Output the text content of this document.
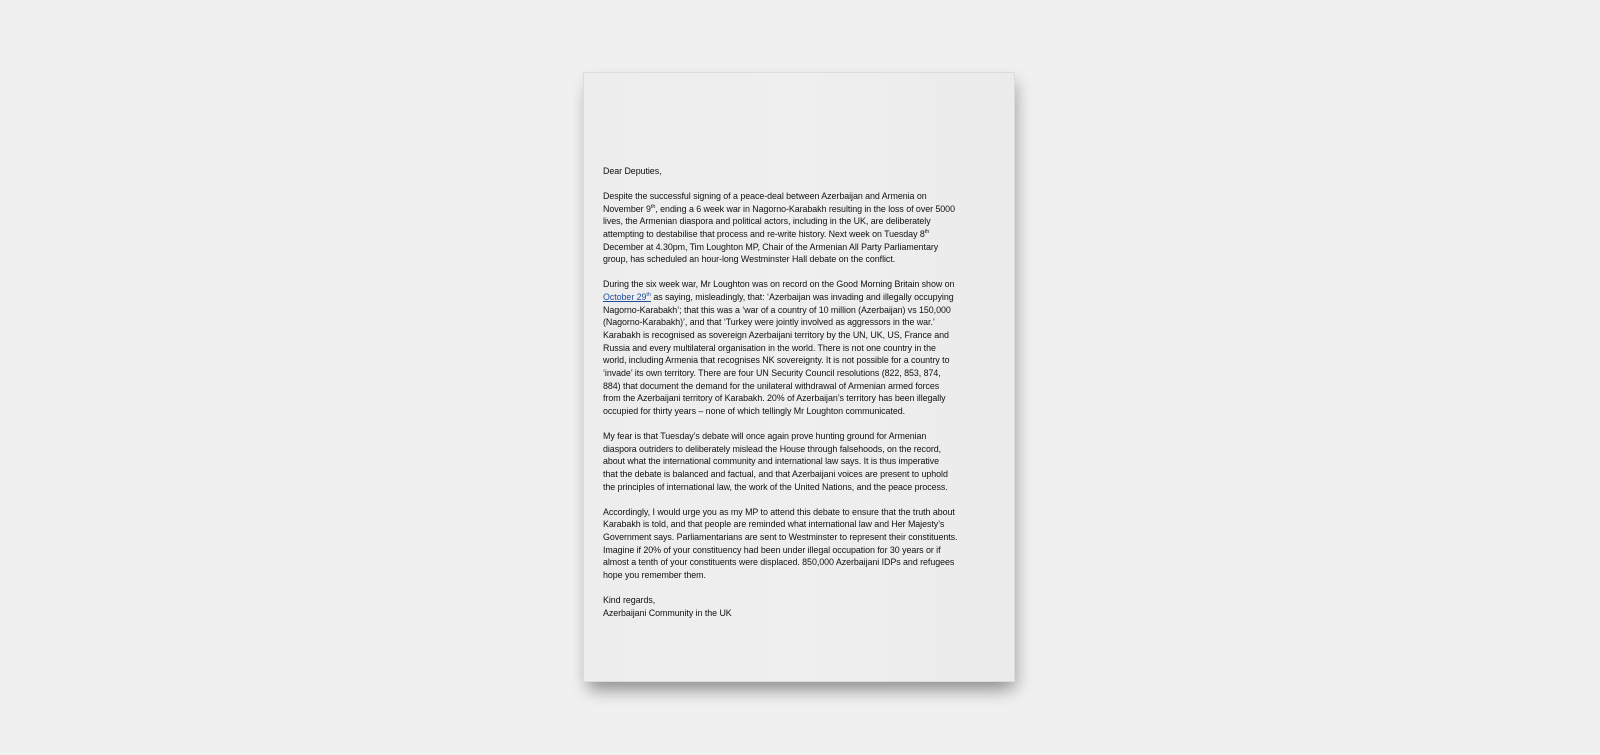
Dear Deputies,

Despite the successful signing of a peace-deal between Azerbaijan and Armenia on
November 9th, ending a 6 week war in Nagorno-Karabakh resulting in the loss of over 5000
lives, the Armenian diaspora and political actors, including in the UK, are deliberately
attempting to destabilise that process and re-write history. Next week on Tuesday 8th
December at 4.30pm, Tim Loughton MP, Chair of the Armenian All Party Parliamentary
group, has scheduled an hour-long Westminster Hall debate on the conflict.

During the six week war, Mr Loughton was on record on the Good Morning Britain show on
October 29th as saying, misleadingly, that: ‘Azerbaijan was invading and illegally occupying
Nagorno-Karabakh’; that this was a ‘war of a country of 10 million (Azerbaijan) vs 150,000
(Nagorno-Karabakh)’, and that ‘Turkey were jointly involved as aggressors in the war.’
Karabakh is recognised as sovereign Azerbaijani territory by the UN, UK, US, France and
Russia and every multilateral organisation in the world. There is not one country in the
world, including Armenia that recognises NK sovereignty. It is not possible for a country to
‘invade’ its own territory. There are four UN Security Council resolutions (822, 853, 874,
884) that document the demand for the unilateral withdrawal of Armenian armed forces
from the Azerbaijani territory of Karabakh. 20% of Azerbaijan’s territory has been illegally
occupied for thirty years – none of which tellingly Mr Loughton communicated.

My fear is that Tuesday’s debate will once again prove hunting ground for Armenian
diaspora outriders to deliberately mislead the House through falsehoods, on the record,
about what the international community and international law says. It is thus imperative
that the debate is balanced and factual, and that Azerbaijani voices are present to uphold
the principles of international law, the work of the United Nations, and the peace process.

Accordingly, I would urge you as my MP to attend this debate to ensure that the truth about
Karabakh is told, and that people are reminded what international law and Her Majesty’s
Government says. Parliamentarians are sent to Westminster to represent their constituents.
Imagine if 20% of your constituency had been under illegal occupation for 30 years or if
almost a tenth of your constituents were displaced. 850,000 Azerbaijani IDPs and refugees
hope you remember them.

Kind regards,
Azerbaijani Community in the UK
